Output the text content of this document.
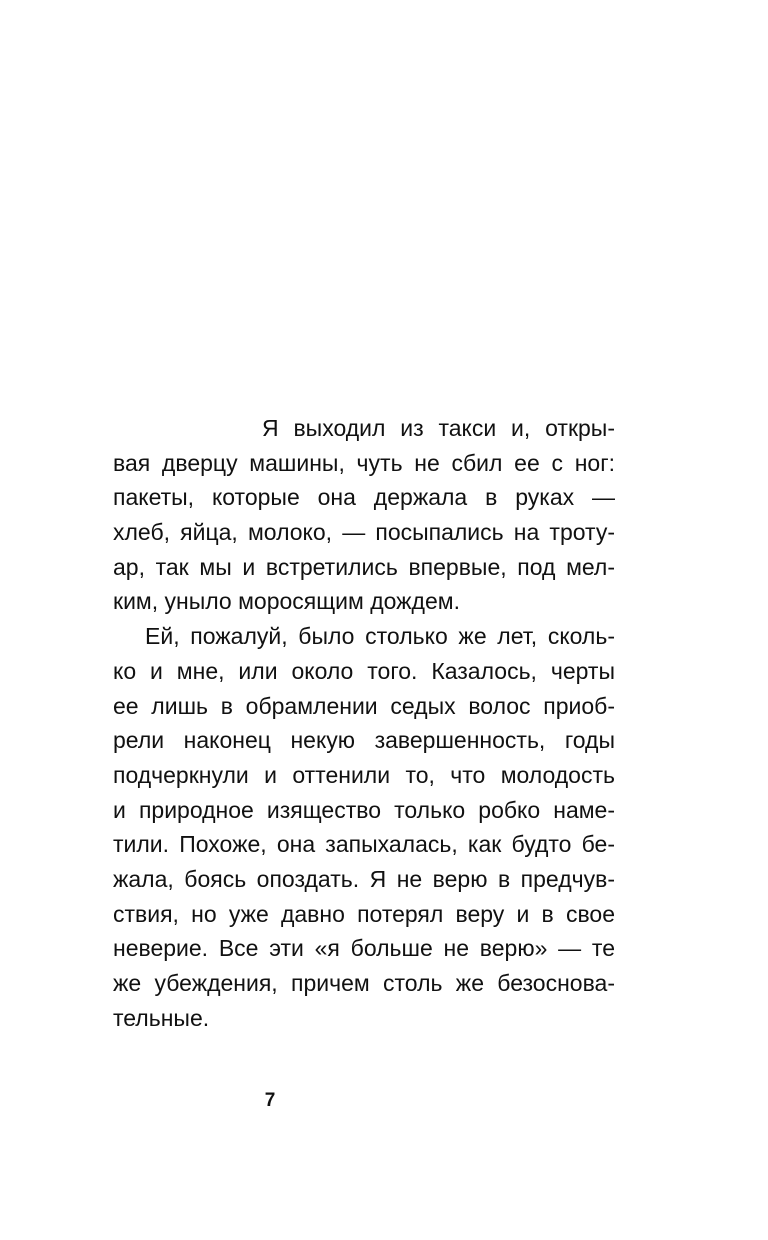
Я выходил из такси и, откры-
вая дверцу машины, чуть не сбил ее с ног:
пакеты, которые она держала в руках —
хлеб, яйца, молоко, — посыпались на троту-
ар, так мы и встретились впервые, под мел-
ким, уныло моросящим дождем.
Ей, пожалуй, было столько же лет, сколь-
ко и мне, или около того. Казалось, черты
ее лишь в обрамлении седых волос приоб-
рели наконец некую завершенность, годы
подчеркнули и оттенили то, что молодость
и природное изящество только робко наме-
тили. Похоже, она запыхалась, как будто бе-
жала, боясь опоздать. Я не верю в предчув-
ствия, но уже давно потерял веру и в свое
неверие. Все эти «я больше не верю» — те
же убеждения, причем столь же безоснова-
тельные.
7
